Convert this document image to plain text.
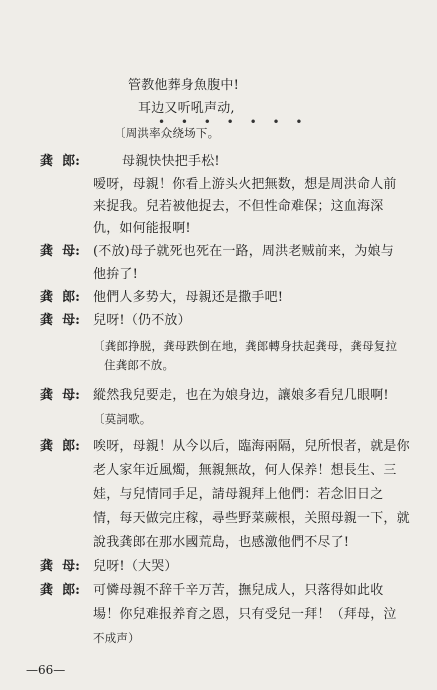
管教他葬身魚腹中!
耳边又听吼声动,
• • • • • • •
〔周洪率众绕场下。
龚 郎:	母親快快把手松!
嗳呀，母親！你看上游头火把無数，想是周洪命人前
来捉我。兒若被他捉去，不但性命难保；这血海深
仇，如何能报啊!
龚 母: (不放)母子就死也死在一路，周洪老贼前来，为娘与
他拚了!
龚 郎: 他們人多势大，母親还是撒手吧!
龚 母: 兒呀!（仍不放）
〔龚郎挣脱，龚母跌倒在地，龚郎轉身扶起龚母，龚母复拉
住龚郎不放。
龚 母: 縱然我兒要走，也在为娘身边，讓娘多看兒几眼啊!
〔莫詞歌。
龚 郎: 唉呀，母親！从今以后，臨海兩隔，兒所恨者，就是你
老人家年近風燭，無親無故，何人保养！想長生、三
娃，与兒情同手足，請母親拜上他們：若念旧日之
情，每天做完庄稼，尋些野菜蕨根，关照母親一下，就
說我龚郎在那水國荒島，也感激他們不尽了!
龚 母: 兒呀!（大哭）
龚 郎: 可憐母親不辞千辛万苦，撫兒成人，只落得如此收
場！你兒难报养育之恩，只有受兒一拜！（拜母，泣
不成声）
—66—
